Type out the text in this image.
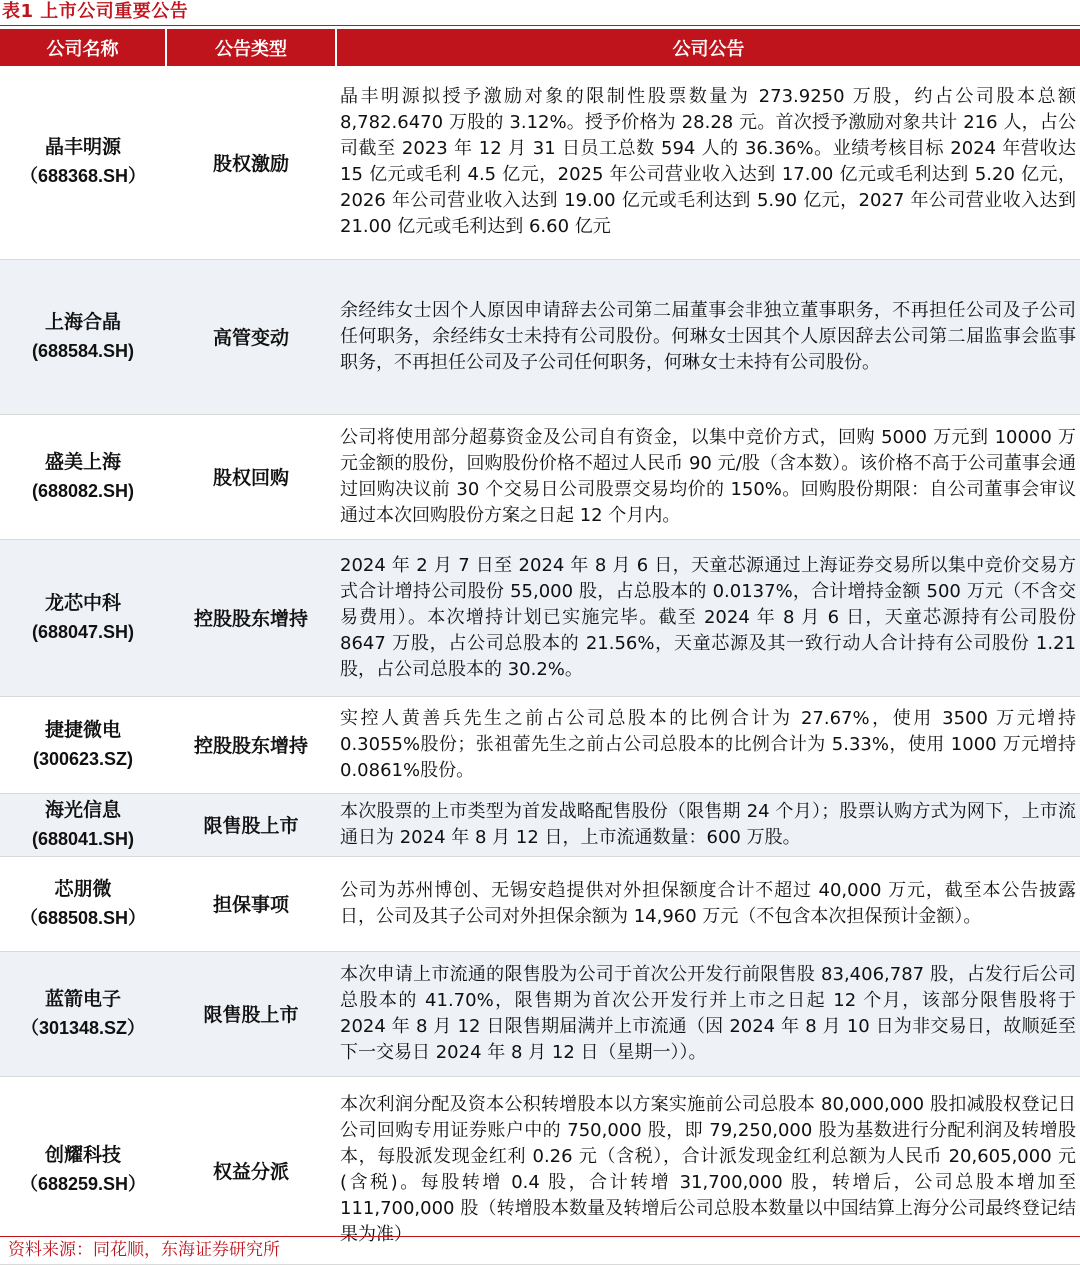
表1 上市公司重要公告
公司名称	公告类型	公司公告

晶丰明源
（688368.SH）	股权激励	晶丰明源拟授予激励对象的限制性股票数量为 273.9250 万股，约占公司股本总额 8,782.6470 万股的 3.12%。授予价格为 28.28 元。首次授予激励对象共计 216 人，占公司截至 2023 年 12 月 31 日员工总数 594 人的 36.36%。业绩考核目标 2024 年营收达 15 亿元或毛利 4.5 亿元，2025 年公司营业收入达到 17.00 亿元或毛利达到 5.20 亿元，2026 年公司营业收入达到 19.00 亿元或毛利达到 5.90 亿元，2027 年公司营业收入达到 21.00 亿元或毛利达到 6.60 亿元

上海合晶
(688584.SH)	高管变动	余经纬女士因个人原因申请辞去公司第二届董事会非独立董事职务，不再担任公司及子公司任何职务，余经纬女士未持有公司股份。何琳女士因其个人原因辞去公司第二届监事会监事职务，不再担任公司及子公司任何职务，何琳女士未持有公司股份。

盛美上海
(688082.SH)	股权回购	公司将使用部分超募资金及公司自有资金，以集中竞价方式，回购 5000 万元到 10000 万元金额的股份，回购股份价格不超过人民币 90 元/股（含本数）。该价格不高于公司董事会通过回购决议前 30 个交易日公司股票交易均价的 150%。回购股份期限：自公司董事会审议通过本次回购股份方案之日起 12 个月内。

龙芯中科
(688047.SH)	控股股东增持	2024 年 2 月 7 日至 2024 年 8 月 6 日，天童芯源通过上海证券交易所以集中竞价交易方式合计增持公司股份 55,000 股，占总股本的 0.0137%，合计增持金额 500 万元（不含交易费用）。本次增持计划已实施完毕。截至 2024 年 8 月 6 日，天童芯源持有公司股份 8647 万股，占公司总股本的 21.56%，天童芯源及其一致行动人合计持有公司股份 1.21 股，占公司总股本的 30.2%。

捷捷微电
(300623.SZ)	控股股东增持	实控人黄善兵先生之前占公司总股本的比例合计为 27.67%，使用 3500 万元增持 0.3055%股份；张祖蕾先生之前占公司总股本的比例合计为 5.33%，使用 1000 万元增持 0.0861%股份。

海光信息
(688041.SH)	限售股上市	本次股票的上市类型为首发战略配售股份（限售期 24 个月）；股票认购方式为网下，上市流通日为 2024 年 8 月 12 日，上市流通数量：600 万股。

芯朋微
（688508.SH）	担保事项	公司为苏州博创、无锡安趋提供对外担保额度合计不超过 40,000 万元，截至本公告披露日，公司及其子公司对外担保余额为 14,960 万元（不包含本次担保预计金额）。

蓝箭电子
（301348.SZ）	限售股上市	本次申请上市流通的限售股为公司于首次公开发行前限售股 83,406,787 股，占发行后公司总股本的 41.70%，限售期为首次公开发行并上市之日起 12 个月，该部分限售股将于 2024 年 8 月 12 日限售期届满并上市流通（因 2024 年 8 月 10 日为非交易日，故顺延至下一交易日 2024 年 8 月 12 日（星期一））。

创耀科技
（688259.SH）	权益分派	本次利润分配及资本公积转增股本以方案实施前公司总股本 80,000,000 股扣减股权登记日公司回购专用证券账户中的 750,000 股，即 79,250,000 股为基数进行分配利润及转增股本，每股派发现金红利 0.26 元（含税），合计派发现金红利总额为人民币 20,605,000 元(含税)。每股转增 0.4 股，合计转增 31,700,000 股，转增后，公司总股本增加至 111,700,000 股（转增股本数量及转增后公司总股本数量以中国结算上海分公司最终登记结果为准）
资料来源：同花顺，东海证券研究所
